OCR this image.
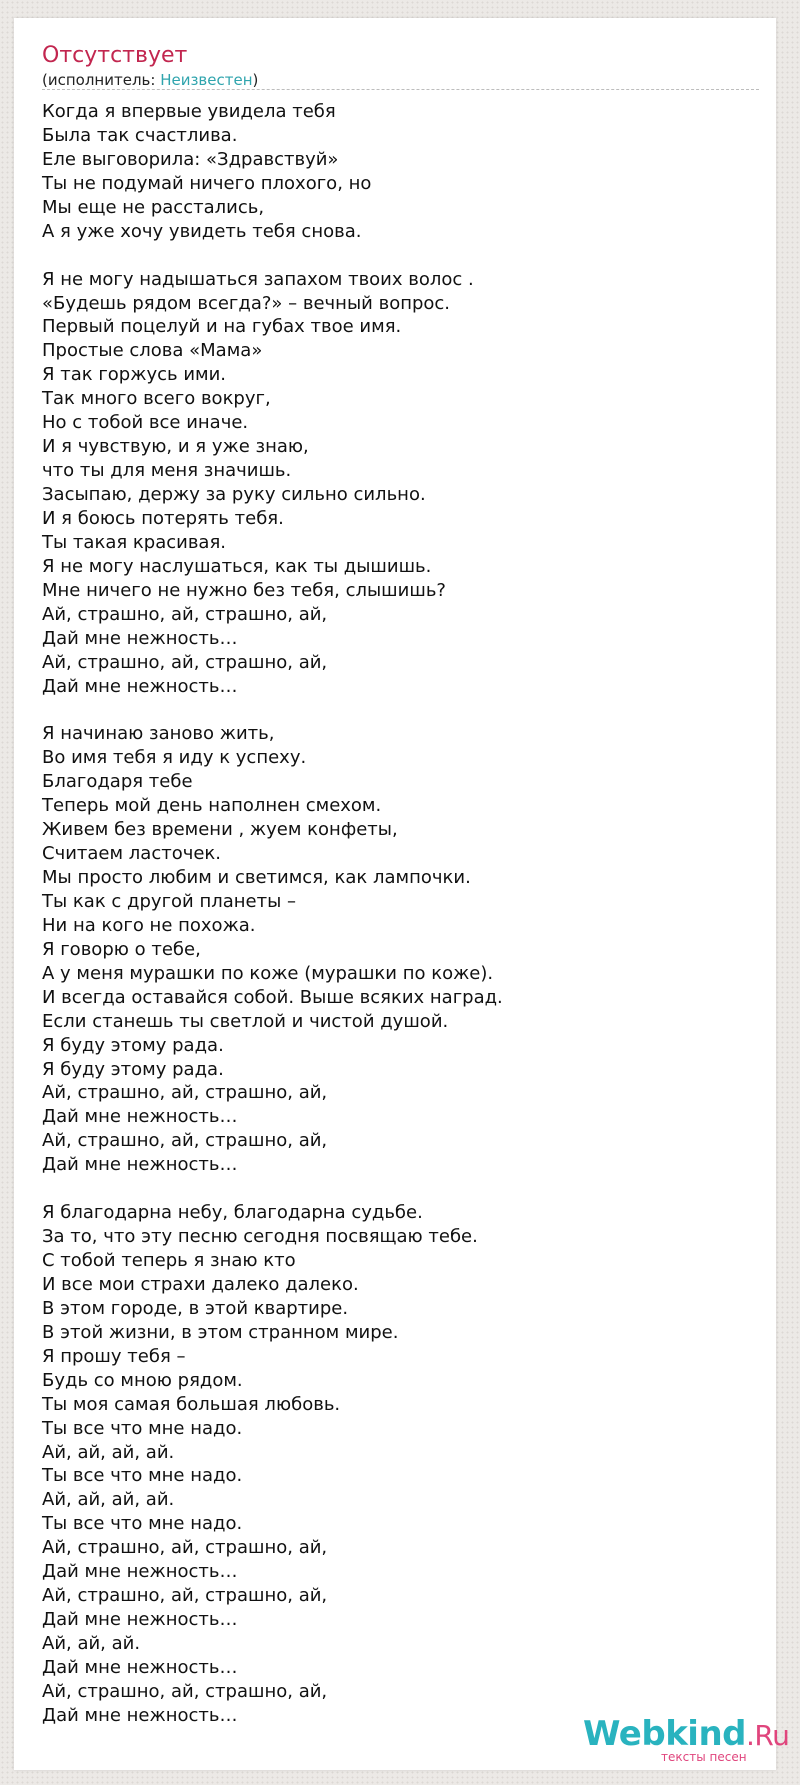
Отсутствует
(исполнитель: Неизвестен)
Когда я впервые увидела тебя
Была так счастлива.
Еле выговорила: «Здравствуй»
Ты не подумай ничего плохого, но
Мы еще не расстались,
А я уже хочу увидеть тебя снова.
Я не могу надышаться запахом твоих волос .
«Будешь рядом всегда?» – вечный вопрос.
Первый поцелуй и на губах твое имя.
Простые слова «Мама»
Я так горжусь ими.
Так много всего вокруг,
Но с тобой все иначе.
И я чувствую, и я уже знаю,
что ты для меня значишь.
Засыпаю, держу за руку сильно сильно.
И я боюсь потерять тебя.
Ты такая красивая.
Я не могу наслушаться, как ты дышишь.
Мне ничего не нужно без тебя, слышишь?
Ай, страшно, ай, страшно, ай,
Дай мне нежность…
Ай, страшно, ай, страшно, ай,
Дай мне нежность…
Я начинаю заново жить,
Во имя тебя я иду к успеху.
Благодаря тебе
Теперь мой день наполнен смехом.
Живем без времени , жуем конфеты,
Считаем ласточек.
Мы просто любим и светимся, как лампочки.
Ты как с другой планеты –
Ни на кого не похожа.
Я говорю о тебе,
А у меня мурашки по коже (мурашки по коже).
И всегда оставайся собой. Выше всяких наград.
Если станешь ты светлой и чистой душой.
Я буду этому рада.
Я буду этому рада.
Ай, страшно, ай, страшно, ай,
Дай мне нежность…
Ай, страшно, ай, страшно, ай,
Дай мне нежность…
Я благодарна небу, благодарна судьбе.
За то, что эту песню сегодня посвящаю тебе.
С тобой теперь я знаю кто
И все мои страхи далеко далеко.
В этом городе, в этой квартире.
В этой жизни, в этом странном мире.
Я прошу тебя –
Будь со мною рядом.
Ты моя самая большая любовь.
Ты все что мне надо.
Ай, ай, ай, ай.
Ты все что мне надо.
Ай, ай, ай, ай.
Ты все что мне надо.
Ай, страшно, ай, страшно, ай,
Дай мне нежность…
Ай, страшно, ай, страшно, ай,
Дай мне нежность…
Ай, ай, ай.
Дай мне нежность…
Ай, страшно, ай, страшно, ай,
Дай мне нежность…	Webkind.Ru
тексты песен
